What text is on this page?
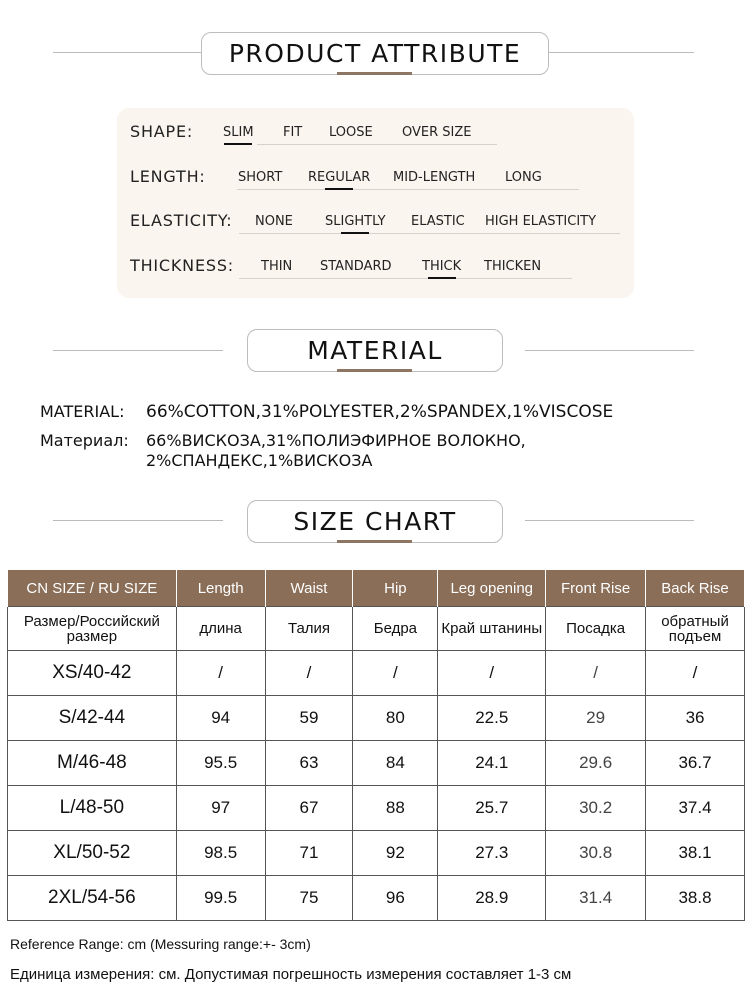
PRODUCT ATTRIBUTE
SHAPE: SLIM FIT LOOSE OVER SIZE
LENGTH: SHORT REGULAR MID-LENGTH LONG
ELASTICITY: NONE SLIGHTLY ELASTIC HIGH ELASTICITY
THICKNESS: THIN STANDARD THICK THICKEN
MATERIAL
MATERIAL: 66%COTTON,31%POLYESTER,2%SPANDEX,1%VISCOSE
Материал: 66%ВИСКОЗА,31%ПОЛИЭФИРНОЕ ВОЛОКНО,
2%СПАНДЕКС,1%ВИСКОЗА
SIZE CHART
CN SIZE / RU SIZE	Length	Waist	Hip	Leg opening	Front Rise	Back Rise
Размер/Российский размер	длина	Талия	Бедра	Край штанины	Посадка	обратный подъем
XS/40-42	/	/	/	/	/	/
S/42-44	94	59	80	22.5	29	36
M/46-48	95.5	63	84	24.1	29.6	36.7
L/48-50	97	67	88	25.7	30.2	37.4
XL/50-52	98.5	71	92	27.3	30.8	38.1
2XL/54-56	99.5	75	96	28.9	31.4	38.8
Reference Range: cm (Messuring range:+- 3cm)
Единица измерения: см. Допустимая погрешность измерения составляет 1-3 см
